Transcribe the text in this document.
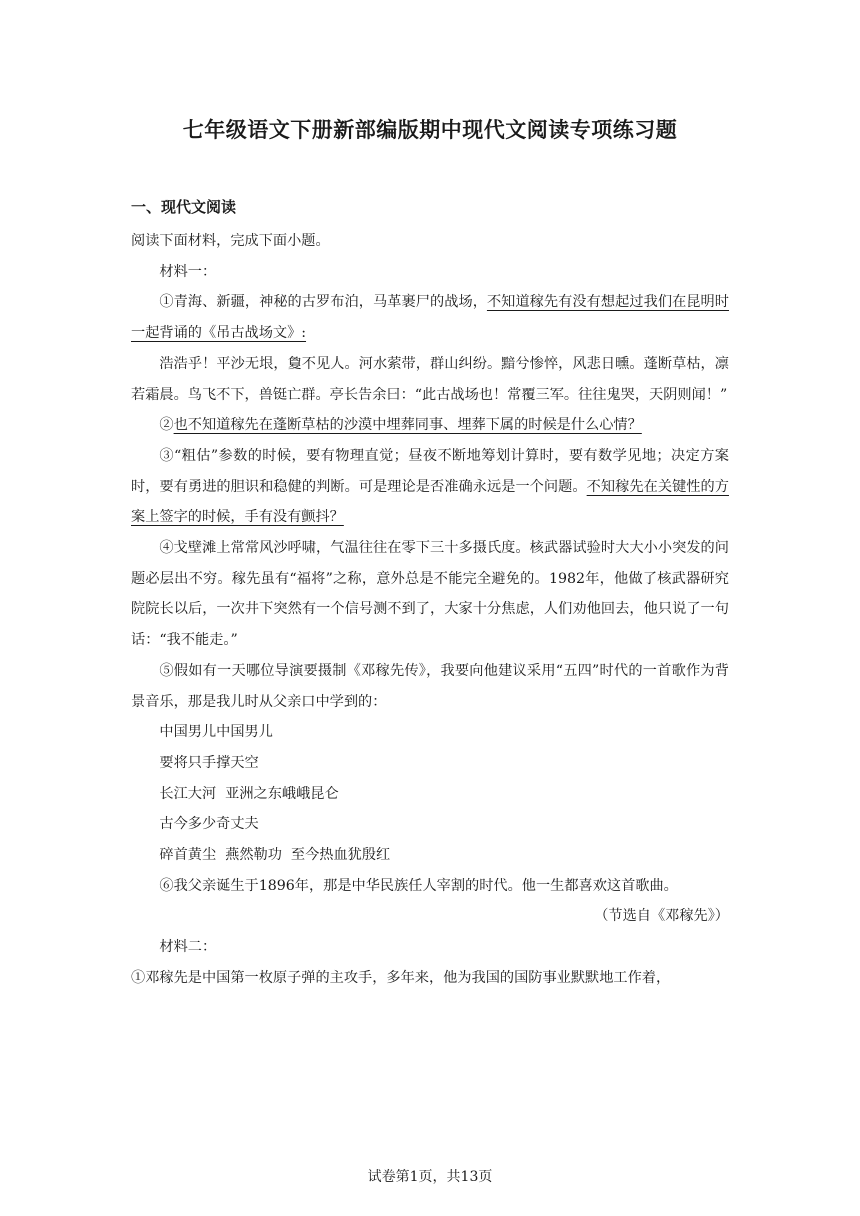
七年级语文下册新部编版期中现代文阅读专项练习题
一、现代文阅读

阅读下面材料，完成下面小题。

材料一：

①青海、新疆，神秘的古罗布泊，马革裹尸的战场，不知道稼先有没有想起过我们在昆明时一起背诵的《吊古战场文》:

浩浩乎！平沙无垠，敻不见人。河水萦带，群山纠纷。黯兮惨悴，风悲日曛。蓬断草枯，凛若霜晨。鸟飞不下，兽铤亡群。亭长告余曰：“此古战场也！常覆三军。往往鬼哭，天阴则闻！”

②也不知道稼先在蓬断草枯的沙漠中埋葬同事、埋葬下属的时候是什么心情？

③“粗估”参数的时候，要有物理直觉；昼夜不断地筹划计算时，要有数学见地；决定方案时，要有勇进的胆识和稳健的判断。可是理论是否准确永远是一个问题。不知稼先在关键性的方案上签字的时候，手有没有颤抖？

④戈壁滩上常常风沙呼啸，气温往往在零下三十多摄氏度。核武器试验时大大小小突发的问题必层出不穷。稼先虽有“福将”之称，意外总是不能完全避免的。1982年，他做了核武器研究院院长以后，一次井下突然有一个信号测不到了，大家十分焦虑，人们劝他回去，他只说了一句话：“我不能走。”

⑤假如有一天哪位导演要摄制《邓稼先传》，我要向他建议采用“五四”时代的一首歌作为背景音乐，那是我儿时从父亲口中学到的：

中国男儿中国男儿

要将只手撑天空

长江大河  亚洲之东峨峨昆仑

古今多少奇丈夫

碎首黄尘  燕然勒功  至今热血犹殷红

⑥我父亲诞生于1896年，那是中华民族任人宰割的时代。他一生都喜欢这首歌曲。

（节选自《邓稼先》）

材料二：

①邓稼先是中国第一枚原子弹的主攻手，多年来，他为我国的国防事业默默地工作着，

试卷第1页，共13页
